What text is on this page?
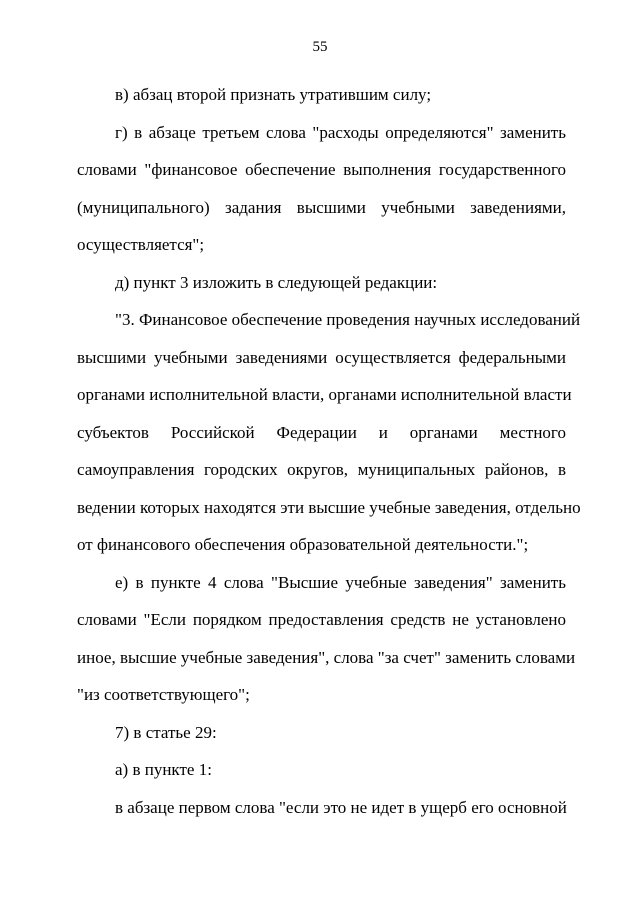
55
в) абзац второй признать утратившим силу;
г) в абзаце третьем слова "расходы определяются" заменить
словами "финансовое обеспечение выполнения государственного
(муниципального) задания высшими учебными заведениями,
осуществляется";
д) пункт 3 изложить в следующей редакции:
"3. Финансовое обеспечение проведения научных исследований
высшими учебными заведениями осуществляется федеральными
органами исполнительной власти, органами исполнительной власти
субъектов Российской Федерации и органами местного
самоуправления городских округов, муниципальных районов, в
ведении которых находятся эти высшие учебные заведения, отдельно
от финансового обеспечения образовательной деятельности.";
е) в пункте 4 слова "Высшие учебные заведения" заменить
словами "Если порядком предоставления средств не установлено
иное, высшие учебные заведения", слова "за счет" заменить словами
"из соответствующего";
7) в статье 29:
а) в пункте 1:
в абзаце первом слова "если это не идет в ущерб его основной
